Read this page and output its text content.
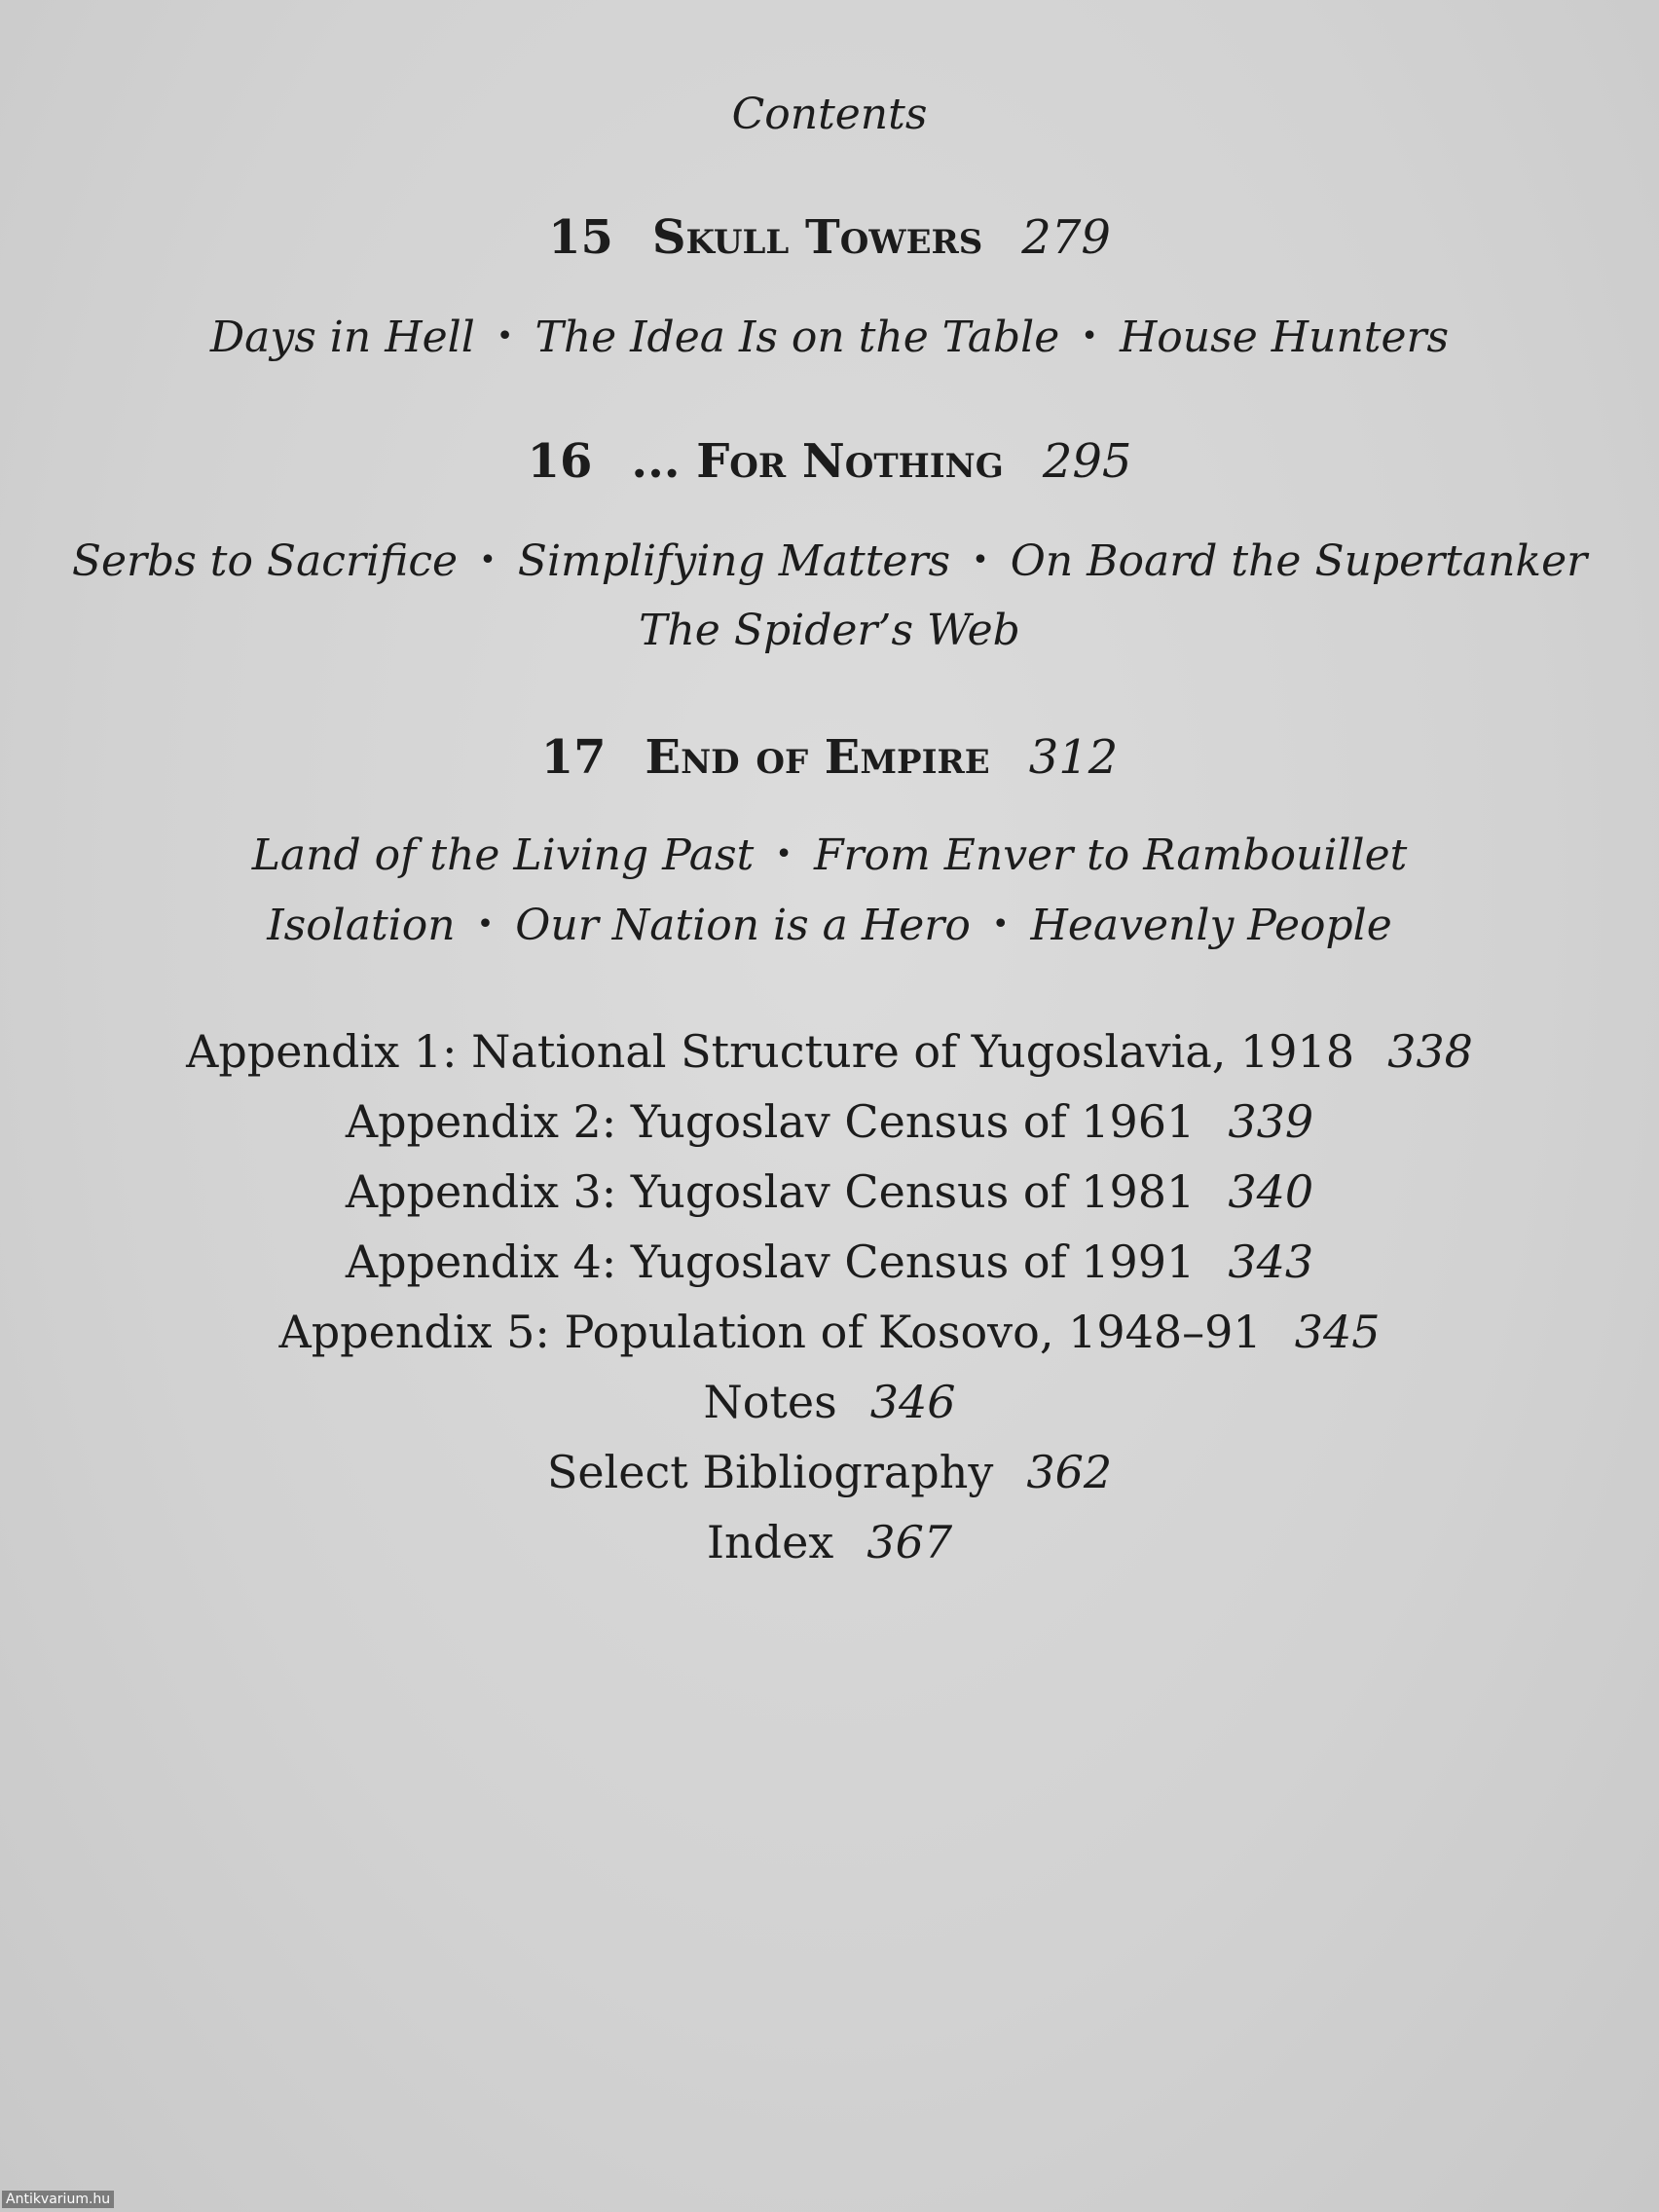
Contents
15 Skull Towers 279
Days in Hell • The Idea Is on the Table • House Hunters
16 ... For Nothing 295
Serbs to Sacrifice • Simplifying Matters • On Board the Supertanker
The Spider’s Web
17 End of Empire 312
Land of the Living Past • From Enver to Rambouillet
Isolation • Our Nation is a Hero • Heavenly People
Appendix 1: National Structure of Yugoslavia, 1918 338
Appendix 2: Yugoslav Census of 1961 339
Appendix 3: Yugoslav Census of 1981 340
Appendix 4: Yugoslav Census of 1991 343
Appendix 5: Population of Kosovo, 1948–91 345
Notes 346
Select Bibliography 362
Index 367
Antikvarium.hu
